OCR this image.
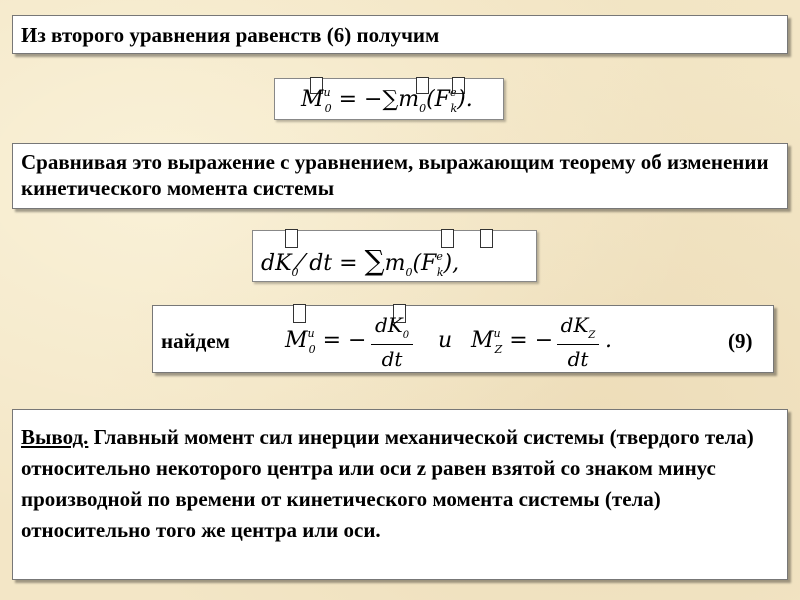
Из второго уравнения равенств (6) получим
$M^и_0 = -\sum m_0(F^e_k)$.
Сравнивая это выражение с уравнением, выражающим теорему об изменении кинетического момента системы
$dK_0⁄$ dt = $\sum m_0(F^e_k)$,
найдем	$M^и_0$ = −
$dK_0$
dt
и $M^и_Z$ = −
$dK_Z$
dt
.	(9)
Вывод. Главный момент сил инерции механической системы (твердого тела) относительно некоторого центра или оси z равен взятой со знаком минус производной по времени от кинетического момента системы (тела) относительно того же центра или оси.
